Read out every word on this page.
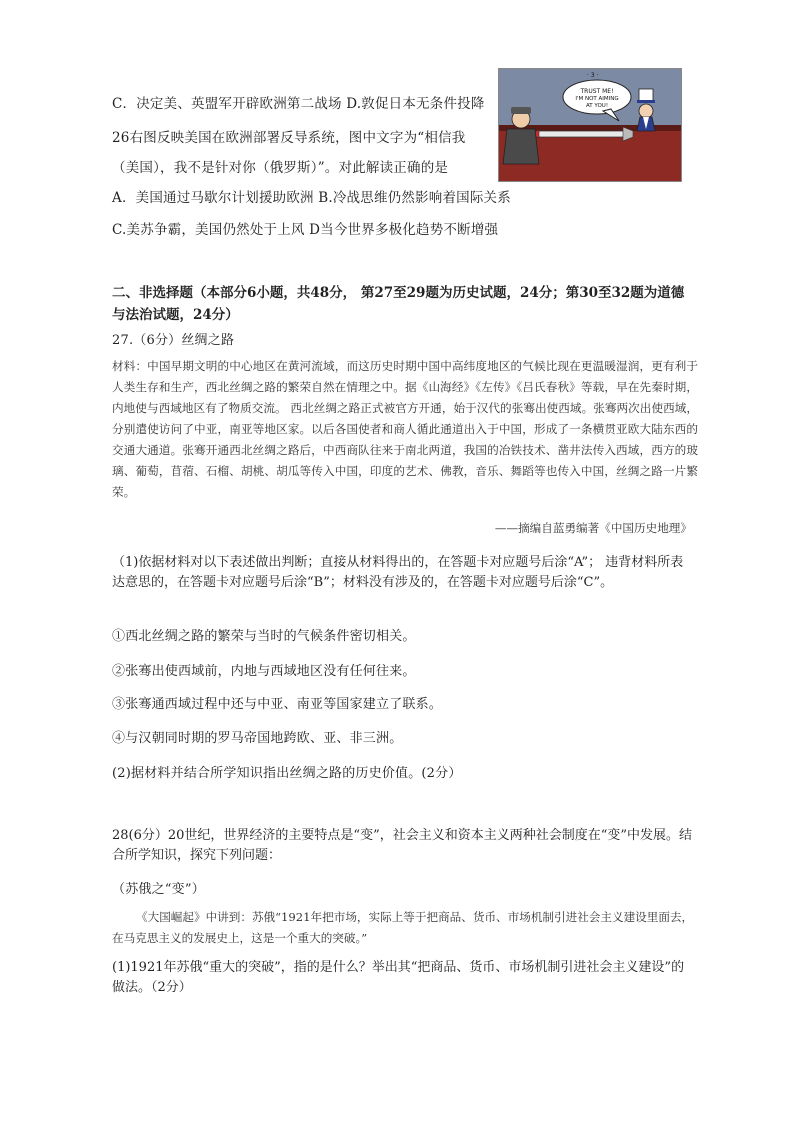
C．决定美、英盟军开辟欧洲第二战场 D.敦促日本无条件投降
TRUST ME!
I'M NOT AIMING
AT YOU!
· 3 ·
26右图反映美国在欧洲部署反导系统，图中文字为“相信我
（美国），我不是针对你（俄罗斯）”。对此解读正确的是
A．美国通过马歇尔计划援助欧洲 B.冷战思维仍然影响着国际关系
C.美苏争霸，美国仍然处于上风 D当今世界多极化趋势不断增强
二、非选择题（本部分6小题，共48分， 第27至29题为历史试题，24分；第30至32题为道德与法治试题，24分）
27.（6分）丝绸之路
材料：中国早期文明的中心地区在黄河流域，而这历史时期中国中高纬度地区的气候比现在更温暖湿润，更有利于人类生存和生产，西北丝绸之路的繁荣自然在情理之中。据《山海经》《左传》《吕氏春秋》等载，早在先秦时期，内地使与西域地区有了物质交流。 西北丝绸之路正式被官方开通，始于汉代的张骞出使西域。张骞两次出使西域，分别遣使访问了中亚，南亚等地区家。以后各国使者和商人循此通道出入于中国，形成了一条横贯亚欧大陆东西的交通大通道。张骞开通西北丝绸之路后，中西商队往来于南北两道，我国的冶铁技术、凿井法传入西域，西方的玻璃、葡萄，苜蓿、石榴、胡桃、胡瓜等传入中国，印度的艺术、佛教，音乐、舞蹈等也传入中国，丝绸之路一片繁荣。
——摘编自蓝勇编著《中国历史地理》
（1)依据材料对以下表述做出判断；直接从材料得出的，在答题卡对应题号后涂“A”； 违背材料所表达意思的，在答题卡对应题号后涂“B”；材料没有涉及的，在答题卡对应题号后涂“C”。
①西北丝绸之路的繁荣与当时的气候条件密切相关。
②张骞出使西域前，内地与西域地区没有任何往来。
③张骞通西域过程中还与中亚、南亚等国家建立了联系。
④与汉朝同时期的罗马帝国地跨欧、亚、非三洲。
(2)据材料并结合所学知识指出丝绸之路的历史价值。(2分）
28(6分）20世纪，世界经济的主要特点是“变”，社会主义和资本主义两种社会制度在“变”中发展。结合所学知识，探究下列问题：
（苏俄之“变”）
《大国崛起》中讲到：苏俄“1921年把市场，实际上等于把商品、货币、市场机制引进社会主义建设里面去，在马克思主义的发展史上，这是一个重大的突破。”
(1)1921年苏俄“重大的突破”，指的是什么？举出其“把商品、货币、市场机制引进社会主义建设”的做法。（2分）
